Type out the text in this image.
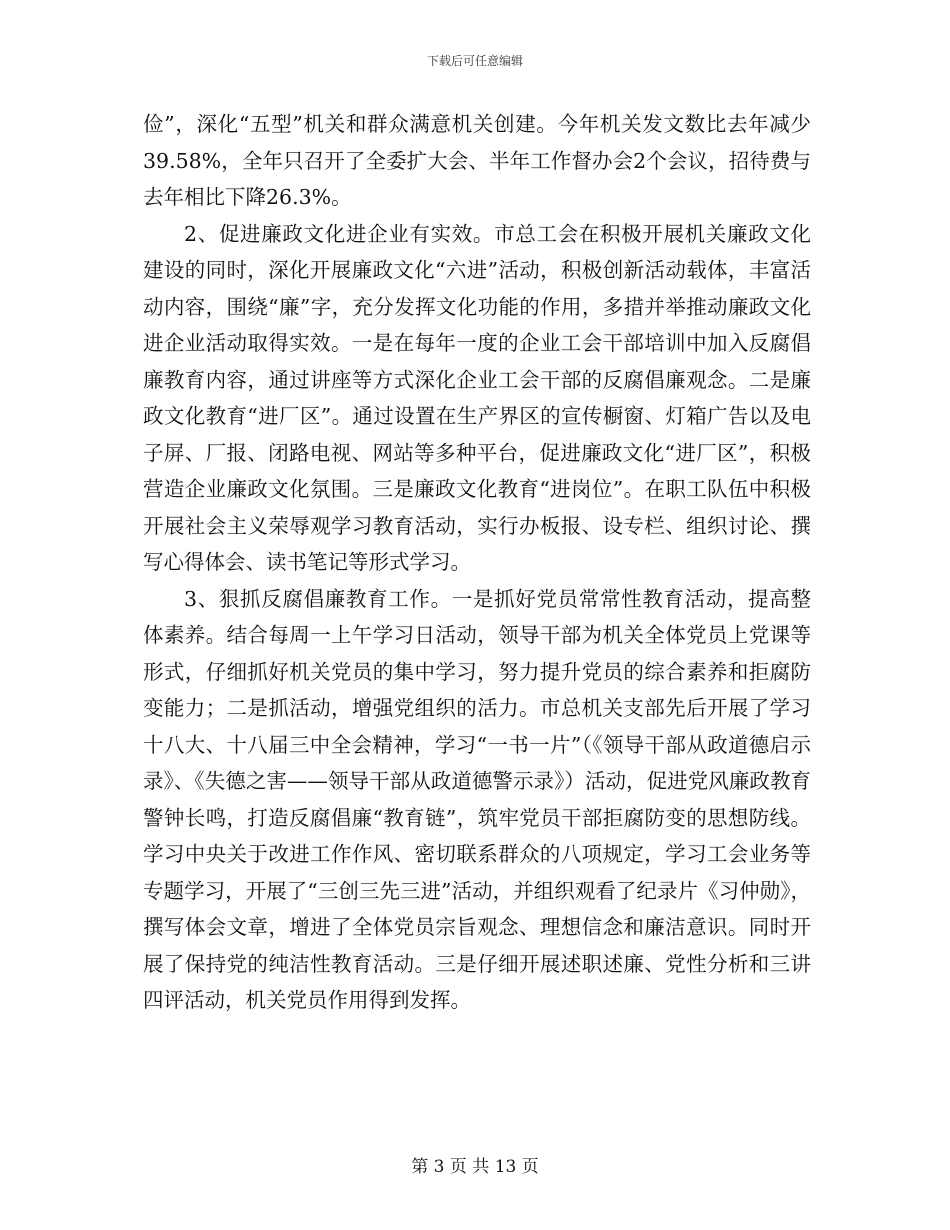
下载后可任意编辑

俭”，深化“五型”机关和群众满意机关创建。今年机关发文数比去年减少39.58%，全年只召开了全委扩大会、半年工作督办会2个会议，招待费与去年相比下降26.3%。

2、促进廉政文化进企业有实效。市总工会在积极开展机关廉政文化建设的同时，深化开展廉政文化“六进”活动，积极创新活动载体，丰富活动内容，围绕“廉”字，充分发挥文化功能的作用，多措并举推动廉政文化进企业活动取得实效。一是在每年一度的企业工会干部培训中加入反腐倡廉教育内容，通过讲座等方式深化企业工会干部的反腐倡廉观念。二是廉政文化教育“进厂区”。通过设置在生产界区的宣传橱窗、灯箱广告以及电子屏、厂报、闭路电视、网站等多种平台，促进廉政文化“进厂区”，积极营造企业廉政文化氛围。三是廉政文化教育“进岗位”。在职工队伍中积极开展社会主义荣辱观学习教育活动，实行办板报、设专栏、组织讨论、撰写心得体会、读书笔记等形式学习。

3、狠抓反腐倡廉教育工作。一是抓好党员常常性教育活动，提高整体素养。结合每周一上午学习日活动，领导干部为机关全体党员上党课等形式，仔细抓好机关党员的集中学习，努力提升党员的综合素养和拒腐防变能力；二是抓活动，增强党组织的活力。市总机关支部先后开展了学习十八大、十八届三中全会精神，学习“一书一片”（《领导干部从政道德启示录》、《失德之害——领导干部从政道德警示录》）活动，促进党风廉政教育警钟长鸣，打造反腐倡廉“教育链”，筑牢党员干部拒腐防变的思想防线。学习中央关于改进工作作风、密切联系群众的八项规定，学习工会业务等专题学习，开展了“三创三先三进”活动，并组织观看了纪录片《习仲勋》，撰写体会文章，增进了全体党员宗旨观念、理想信念和廉洁意识。同时开展了保持党的纯洁性教育活动。三是仔细开展述职述廉、党性分析和三讲四评活动，机关党员作用得到发挥。

第 3 页 共 13 页
